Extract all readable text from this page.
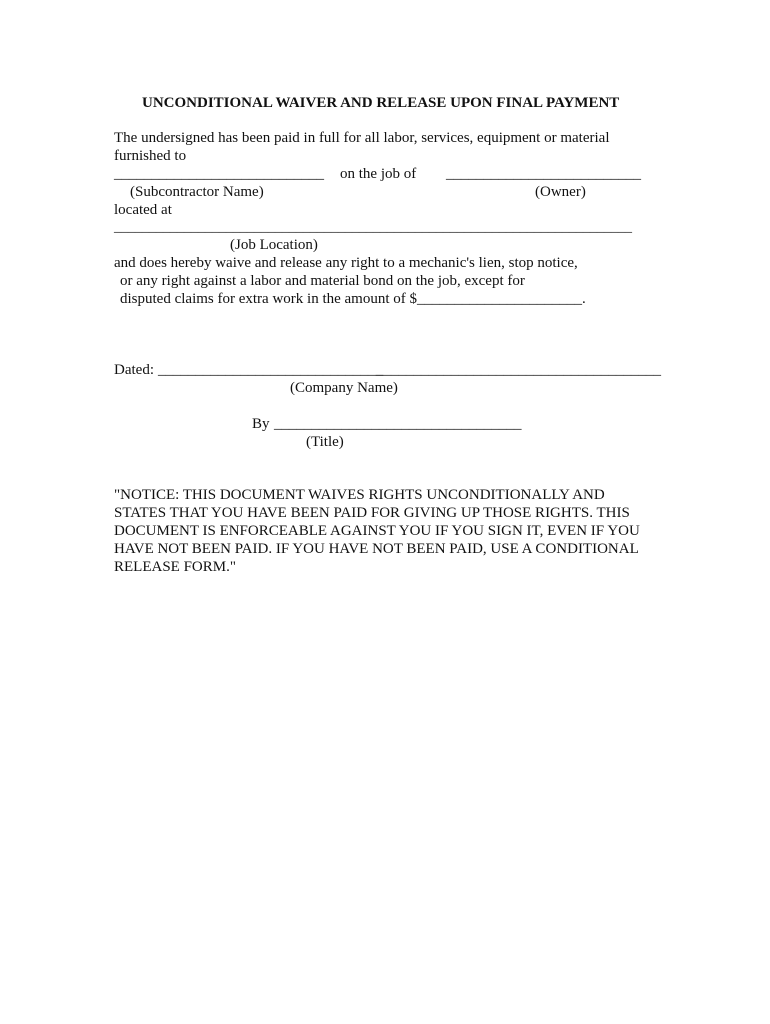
UNCONDITIONAL WAIVER AND RELEASE UPON FINAL PAYMENT
The undersigned has been paid in full for all labor, services, equipment or material
furnished to
____________________________ on the job of __________________________
(Subcontractor Name)	(Owner)
located at
__________________________________________________________________________
(Job Location)
and does hereby waive and release any right to a mechanic's lien, stop notice,
or any right against a labor and material bond on the job, except for
disputed claims for extra work in the amount of $______________________.
Dated: ______________________________
______________________________________
(Company Name)
By _________________________________
(Title)
"NOTICE: THIS DOCUMENT WAIVES RIGHTS UNCONDITIONALLY AND
STATES THAT YOU HAVE BEEN PAID FOR GIVING UP THOSE RIGHTS. THIS
DOCUMENT IS ENFORCEABLE AGAINST YOU IF YOU SIGN IT, EVEN IF YOU
HAVE NOT BEEN PAID. IF YOU HAVE NOT BEEN PAID, USE A CONDITIONAL
RELEASE FORM."
